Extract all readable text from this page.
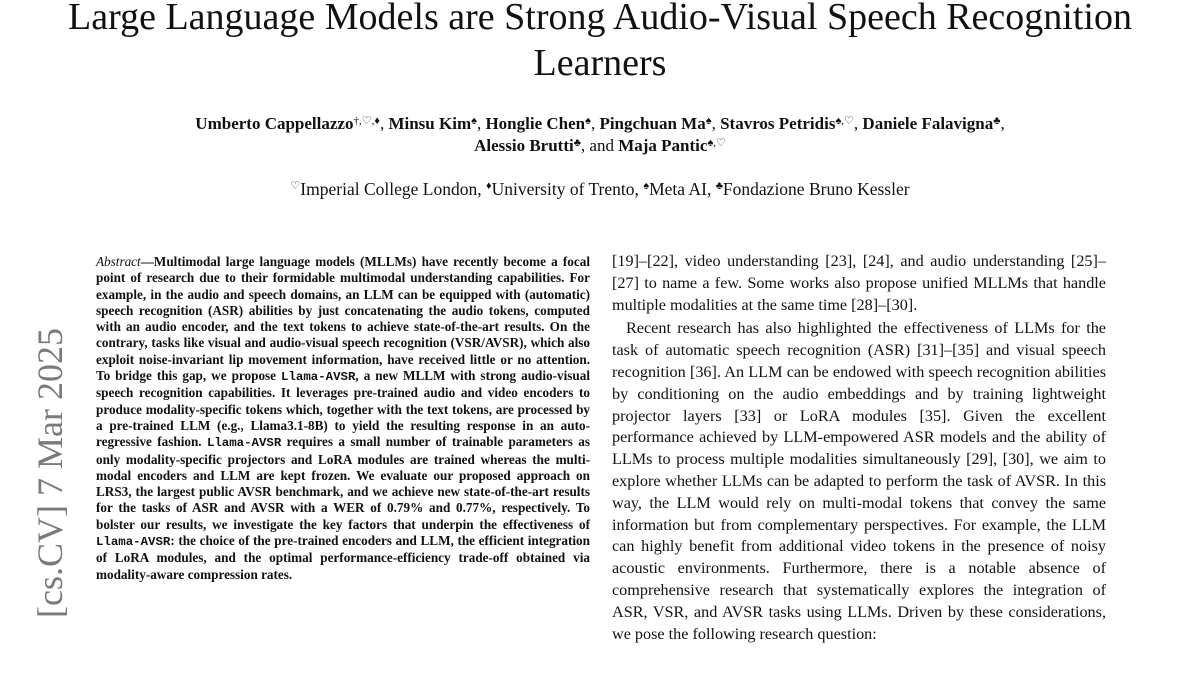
Large Language Models are Strong Audio-Visual Speech Recognition Learners
Umberto Cappellazzo†,♡,♦, Minsu Kim♠, Honglie Chen♠, Pingchuan Ma♠, Stavros Petridis♠,♡, Daniele Falavigna♣,
Alessio Brutti♣, and Maja Pantic♠,♡
♡Imperial College London, ♦University of Trento, ♠Meta AI, ♣Fondazione Bruno Kessler
[cs.CV] 7 Mar 2025
Abstract—Multimodal large language models (MLLMs) have recently become a focal point of research due to their formidable multimodal understanding capabilities. For example, in the audio and speech domains, an LLM can be equipped with (automatic) speech recognition (ASR) abilities by just concatenating the audio tokens, computed with an audio encoder, and the text tokens to achieve state-of-the-art results. On the contrary, tasks like visual and audio-visual speech recognition (VSR/AVSR), which also exploit noise-invariant lip movement information, have received little or no attention. To bridge this gap, we propose Llama-AVSR, a new MLLM with strong audio-visual speech recognition capabilities. It leverages pre-trained audio and video encoders to produce modality-specific tokens which, together with the text tokens, are processed by a pre-trained LLM (e.g., Llama3.1-8B) to yield the resulting response in an auto-regressive fashion. Llama-AVSR requires a small number of trainable parameters as only modality-specific projectors and LoRA modules are trained whereas the multi-modal encoders and LLM are kept frozen. We evaluate our proposed approach on LRS3, the largest public AVSR benchmark, and we achieve new state-of-the-art results for the tasks of ASR and AVSR with a WER of 0.79% and 0.77%, respectively. To bolster our results, we investigate the key factors that underpin the effectiveness of Llama-AVSR: the choice of the pre-trained encoders and LLM, the efficient integration of LoRA modules, and the optimal performance-efficiency trade-off obtained via modality-aware compression rates.

[19]–[22], video understanding [23], [24], and audio understanding [25]–[27] to name a few. Some works also propose unified MLLMs that handle multiple modalities at the same time [28]–[30].

Recent research has also highlighted the effectiveness of LLMs for the task of automatic speech recognition (ASR) [31]–[35] and visual speech recognition [36]. An LLM can be endowed with speech recognition abilities by conditioning on the audio embeddings and by training lightweight projector layers [33] or LoRA modules [35]. Given the excellent performance achieved by LLM-empowered ASR models and the ability of LLMs to process multiple modalities simultaneously [29], [30], we aim to explore whether LLMs can be adapted to perform the task of AVSR. In this way, the LLM would rely on multi-modal tokens that convey the same information but from complementary perspectives. For example, the LLM can highly benefit from additional video tokens in the presence of noisy acoustic environments. Furthermore, there is a notable absence of comprehensive research that systematically explores the integration of ASR, VSR, and AVSR tasks using LLMs. Driven by these considerations, we pose the following research question:
